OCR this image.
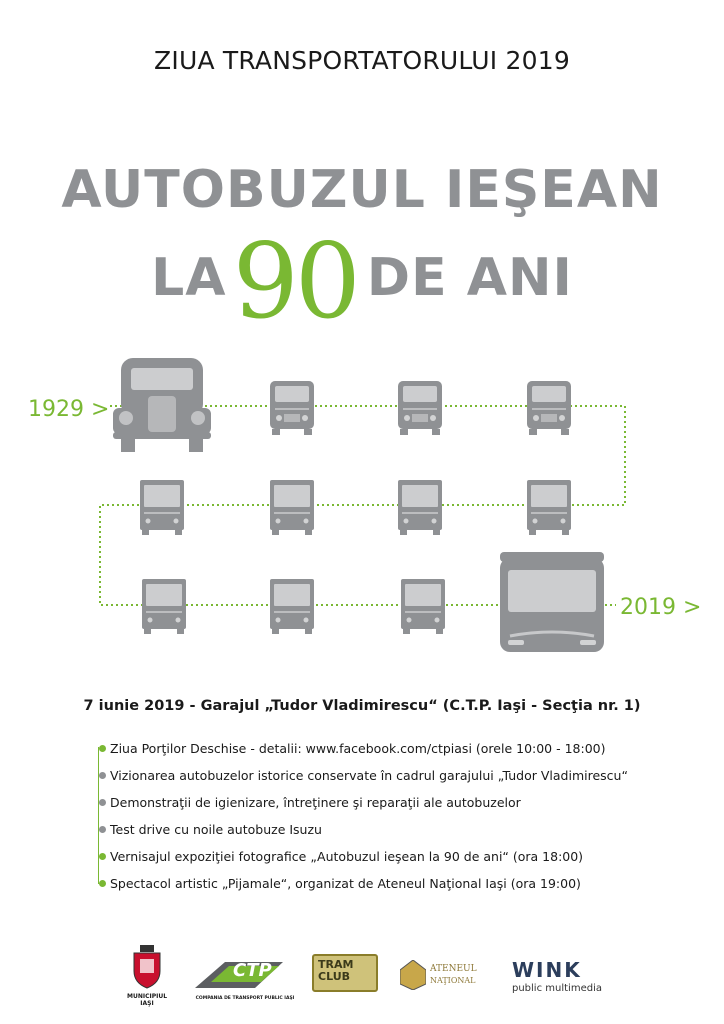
ZIUA TRANSPORTATORULUI 2019
AUTOBUZUL IEŞEAN
LA90 DE ANI
1929 >
2019 >
7 iunie 2019 - Garajul „Tudor Vladimirescu“ (C.T.P. Iaşi - Secţia nr. 1)
Ziua Porţilor Deschise - detalii: www.facebook.com/ctpiasi (orele 10:00 - 18:00)
Vizionarea autobuzelor istorice conservate în cadrul garajului „Tudor Vladimirescu“
Demonstraţii de igienizare, întreţinere şi reparaţii ale autobuzelor
Test drive cu noile autobuze Isuzu
Vernisajul expoziţiei fotografice „Autobuzul ieşean la 90 de ani“ (ora 18:00)
Spectacol artistic „Pijamale“, organizat de Ateneul Naţional Iaşi (ora 19:00)
MUNICIPIUL IAŞI
CTP
COMPANIA DE TRANSPORT PUBLIC IAŞI
TRAM
CLUB
ATENEUL
NAŢIONAL WINK
public multimedia
